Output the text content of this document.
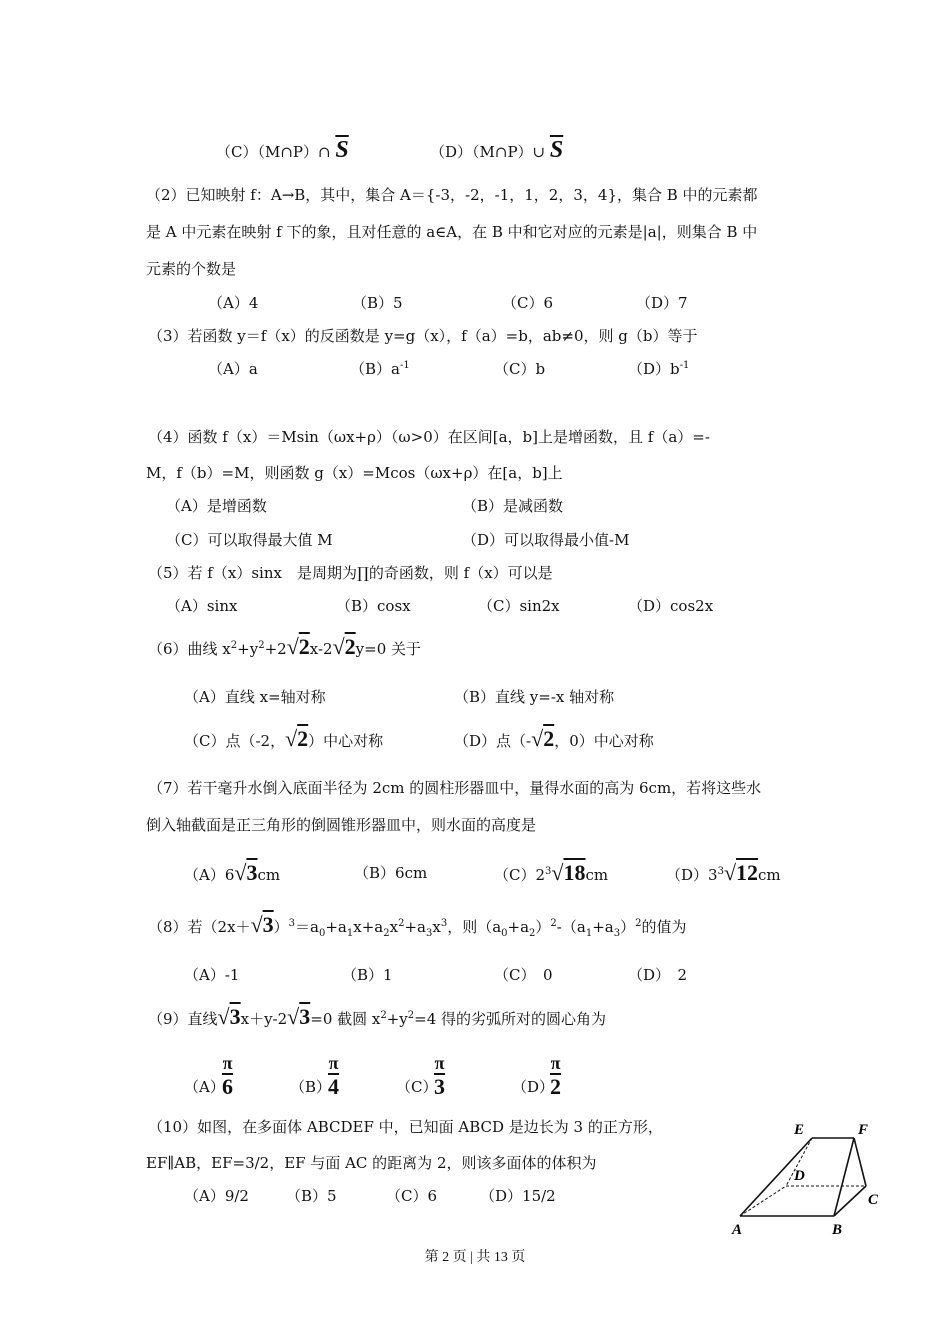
（C）（M∩P）∩ $\overline{S}$	（D）（M∩P）∪ $\overline{S}$
（2）已知映射 f：A→B，其中，集合 A＝{-3，-2，-1，1，2，3，4}，集合 B 中的元素都
是 A 中元素在映射 f 下的象，且对任意的 a∈A，在 B 中和它对应的元素是|a|，则集合 B 中
元素的个数是
（A）4	（B）5	（C）6	（D）7
（3）若函数 y＝f（x）的反函数是 y=g（x），f（a）=b，ab≠0，则 g（b）等于
（A）a	$(B)a^{-1}$	（C）b	$(D)b^{-1}$
（4）函数 f（x）＝Msin（ωx+ρ）（ω>0）在区间[a，b]上是增函数，且 f（a）=-
M，f（b）=M，则函数 g（x）=Mcos（ωx+ρ）在[a，b]上
（A）是增函数	（B）是减函数
（C）可以取得最大值 M	（D）可以取得最小值-M
（5）若 f（x）sinx　是周期为∏的奇函数，则 f（x）可以是
（A）sinx	（B）cosx	（C）sin2x	（D）cos2x
（6）曲线 $x^2+y^2+2√2x-2√2y=0$ 关于
（A）直线 x=轴对称	（B）直线 y=-x 轴对称
（C）点（-2，√2）中心对称	（D）点（-√2，0）中心对称
（7）若干毫升水倒入底面半径为 2cm 的圆柱形器皿中，量得水面的高为 6cm，若将这些水
倒入轴截面是正三角形的倒圆锥形器皿中，则水面的高度是
（A）6√3cm	（B）6cm	$(C)2^3√18cm$	$(D)3^3√12cm$
（8）若$(2x+√3)^3=a_0+a_1x+a_2x^2+a_3x^3$，则$(a_0+a_2)^2-(a_1+a_3)^2$的值为
（A）-1	（B）1	（C）　0	（D）　2
（9）直线√3x＋y-2√3=0 截圆 $x^2+y^2=4$ 得的劣弧所对的圆心角为
（A）
π
6	（B）
π
4	（C）
π
3	（D）
π
2
（10）如图，在多面体 ABCDEF 中，已知面 ABCD 是边长为 3 的正方形，
EF∥AB，EF=3/2，EF 与面 AC 的距离为 2，则该多面体的体积为
（A）9/2 （B）5	（C）6	（D）15/2
A	B
C
D
E	F
第 2 页 | 共 13 页
